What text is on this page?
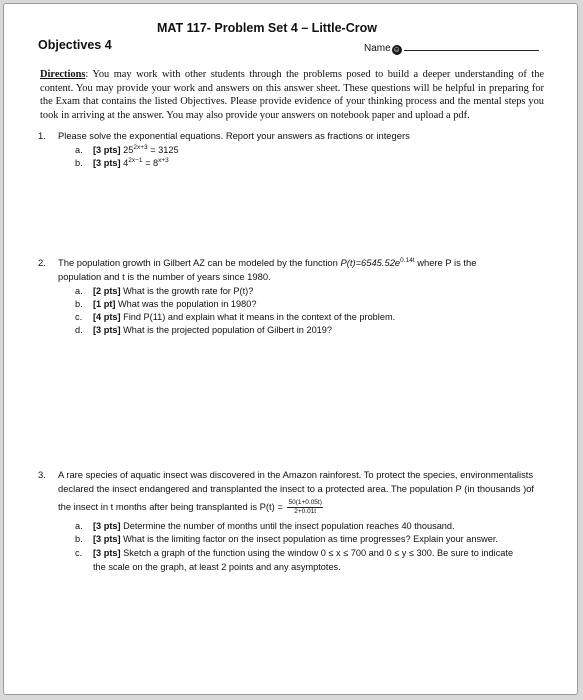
MAT 117- Problem Set 4 – Little-Crow
Objectives 4	Name ☺
Directions: You may work with other students through the problems posed to build a deeper understanding of the content. You may provide your work and answers on this answer sheet. These questions will be helpful in preparing for the Exam that contains the listed Objectives. Please provide evidence of your thinking process and the mental steps you took in arriving at the answer. You may also provide your answers on notebook paper and upload a pdf.
1. Please solve the exponential equations. Report your answers as fractions or integers
a. [3 pts] $25^{2x+3} = 3125$
b. [3 pts] $4^{2x-1} = 8^{x+3}$
2. The population growth in Gilbert AZ can be modeled by the function $P(t)=6545.52e^{0.14t}$ where P is the
population and t is the number of years since 1980.
a. [2 pts] What is the growth rate for P(t)?
b. [1 pt] What was the population in 1980?
c. [4 pts] Find P(11) and explain what it means in the context of the problem.
d. [3 pts] What is the projected population of Gilbert in 2019?
3. A rare species of aquatic insect was discovered in the Amazon rainforest. To protect the species, environmentalists
declared the insect endangered and transplanted the insect to a protected area. The population P (in thousands )of
the insect in t months after being transplanted is $P(t) = \frac{50(1+0.05t)}{2+0.01t}$
a. [3 pts] Determine the number of months until the insect population reaches 40 thousand.
b. [3 pts] What is the limiting factor on the insect population as time progresses? Explain your answer.
c. [3 pts] Sketch a graph of the function using the window 0 ≤ x ≤ 700 and 0 ≤ y ≤ 300. Be sure to indicate
the scale on the graph, at least 2 points and any asymptotes.
